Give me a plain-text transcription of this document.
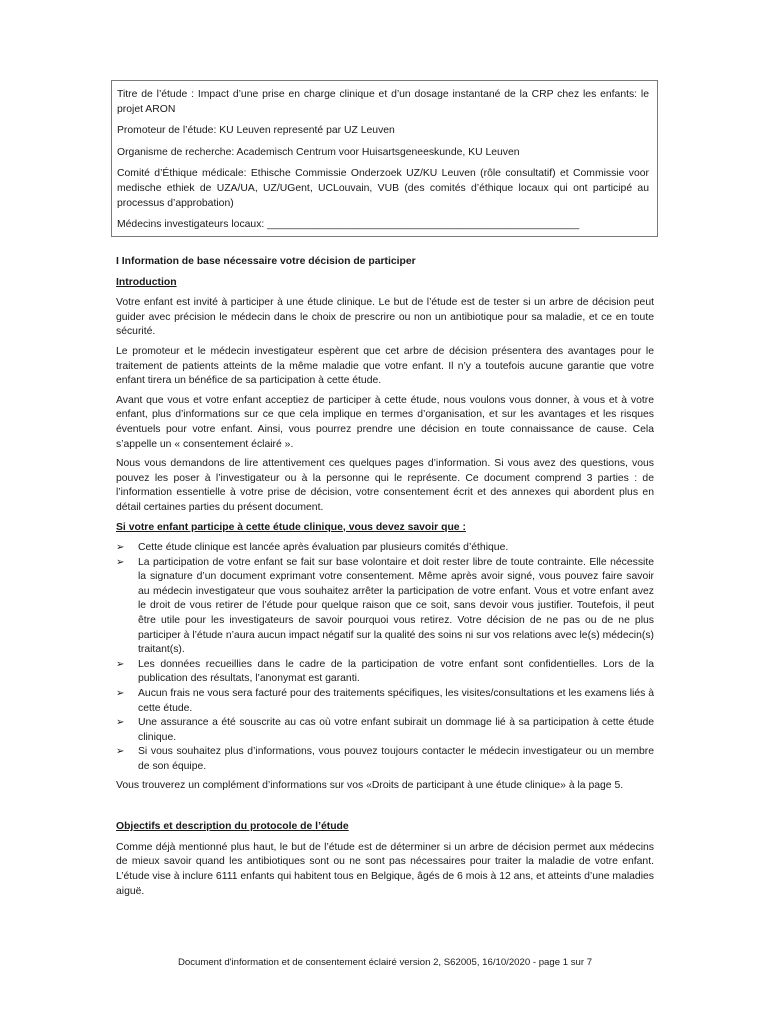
Titre de l’étude : Impact d’une prise en charge clinique et d’un dosage instantané de la CRP chez les enfants: le projet ARON

Promoteur de l’étude: KU Leuven representé par UZ Leuven

Organisme de recherche: Academisch Centrum voor Huisartsgeneeskunde, KU Leuven

Comité d’Éthique médicale: Ethische Commissie Onderzoek UZ/KU Leuven (rôle consultatif) et Commissie voor medische ethiek de UZA/UA, UZ/UGent, UCLouvain, VUB (des comités d’éthique locaux qui ont participé au processus d’approbation)

Médecins investigateurs locaux: ______________________________________________________

I Information de base nécessaire votre décision de participer
Introduction

Votre enfant est invité à participer à une étude clinique. Le but de l’étude est de tester si un arbre de décision peut guider avec précision le médecin dans le choix de prescrire ou non un antibiotique pour sa maladie, et ce en toute sécurité.

Le promoteur et le médecin investigateur espèrent que cet arbre de décision présentera des avantages pour le traitement de patients atteints de la même maladie que votre enfant. Il n’y a toutefois aucune garantie que votre enfant tirera un bénéfice de sa participation à cette étude.

Avant que vous et votre enfant acceptiez de participer à cette étude, nous voulons vous donner, à vous et à votre enfant, plus d’informations sur ce que cela implique en termes d’organisation, et sur les avantages et les risques éventuels pour votre enfant. Ainsi, vous pourrez prendre une décision en toute connaissance de cause. Cela s’appelle un « consentement éclairé ».

Nous vous demandons de lire attentivement ces quelques pages d’information. Si vous avez des questions, vous pouvez les poser à l’investigateur ou à la personne qui le représente. Ce document comprend 3 parties : de l’information essentielle à votre prise de décision, votre consentement écrit et des annexes qui abordent plus en détail certaines parties du présent document.

Si votre enfant participe à cette étude clinique, vous devez savoir que :
➢ Cette étude clinique est lancée après évaluation par plusieurs comités d’éthique.
➢ La participation de votre enfant se fait sur base volontaire et doit rester libre de toute contrainte. Elle nécessite la signature d’un document exprimant votre consentement. Même après avoir signé, vous pouvez faire savoir au médecin investigateur que vous souhaitez arrêter la participation de votre enfant. Vous et votre enfant avez le droit de vous retirer de l’étude pour quelque raison que ce soit, sans devoir vous justifier. Toutefois, il peut être utile pour les investigateurs de savoir pourquoi vous retirez. Votre décision de ne pas ou de ne plus participer à l’étude n’aura aucun impact négatif sur la qualité des soins ni sur vos relations avec le(s) médecin(s) traitant(s).
➢ Les données recueillies dans le cadre de la participation de votre enfant sont confidentielles. Lors de la publication des résultats, l’anonymat est garanti.
➢ Aucun frais ne vous sera facturé pour des traitements spécifiques, les visites/consultations et les examens liés à cette étude.
➢ Une assurance a été souscrite au cas où votre enfant subirait un dommage lié à sa participation à cette étude clinique.
➢ Si vous souhaitez plus d’informations, vous pouvez toujours contacter le médecin investigateur ou un membre de son équipe.

Vous trouverez un complément d’informations sur vos «Droits de participant à une étude clinique» à la page 5.

Objectifs et description du protocole de l’étude

Comme déjà mentionné plus haut, le but de l’étude est de déterminer si un arbre de décision permet aux médecins de mieux savoir quand les antibiotiques sont ou ne sont pas nécessaires pour traiter la maladie de votre enfant. L’étude vise à inclure 6111 enfants qui habitent tous en Belgique, âgés de 6 mois à 12 ans, et atteints d’une maladies aiguë.

Document d'information et de consentement éclairé version 2, S62005, 16/10/2020 - page 1 sur 7
